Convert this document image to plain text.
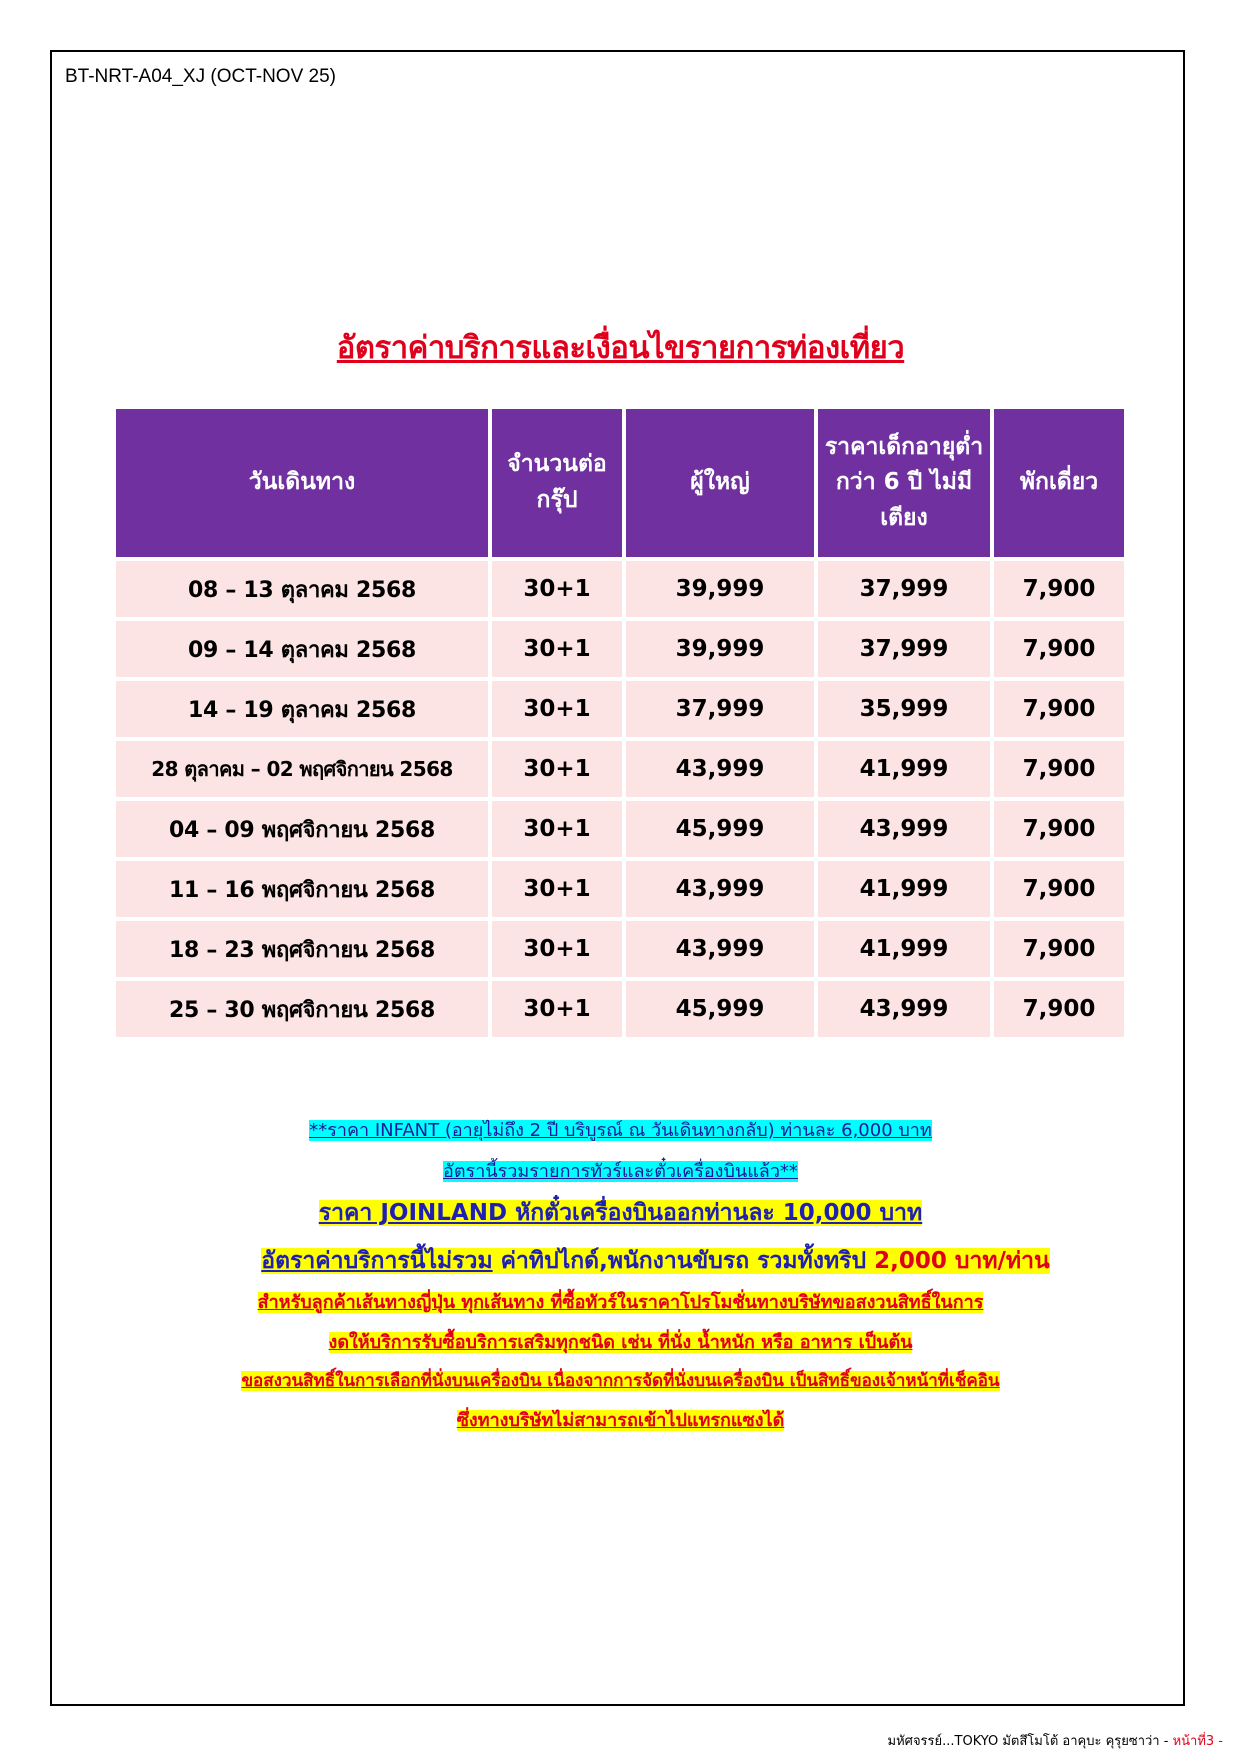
BT-NRT-A04_XJ (OCT-NOV 25)
อัตราค่าบริการและเงื่อนไขรายการท่องเที่ยว
วันเดินทาง	จำนวนต่อกรุ๊ป	ผู้ใหญ่	ราคาเด็กอายุต่ำกว่า 6 ปี ไม่มีเตียง	พักเดี่ยว
08 – 13 ตุลาคม 2568	30+1	39,999	37,999	7,900
09 – 14 ตุลาคม 2568	30+1	39,999	37,999	7,900
14 – 19 ตุลาคม 2568	30+1	37,999	35,999	7,900
28 ตุลาคม – 02 พฤศจิกายน 2568	30+1	43,999	41,999	7,900
04 – 09 พฤศจิกายน 2568	30+1	45,999	43,999	7,900
11 – 16 พฤศจิกายน 2568	30+1	43,999	41,999	7,900
18 – 23 พฤศจิกายน 2568	30+1	43,999	41,999	7,900
25 – 30 พฤศจิกายน 2568	30+1	45,999	43,999	7,900
**ราคา INFANT (อายุไม่ถึง 2 ปี บริบูรณ์ ณ วันเดินทางกลับ) ท่านละ 6,000 บาท
อัตรานี้รวมรายการทัวร์และตั๋วเครื่องบินแล้ว**
ราคา JOINLAND หักตั๋วเครื่องบินออกท่านละ 10,000 บาท
อัตราค่าบริการนี้ไม่รวม ค่าทิปไกด์,พนักงานขับรถ รวมทั้งทริป 2,000 บาท/ท่าน
สำหรับลูกค้าเส้นทางญี่ปุ่น ทุกเส้นทาง ที่ซื้อทัวร์ในราคาโปรโมชั่นทางบริษัทขอสงวนสิทธิ์ในการ
งดให้บริการรับซื้อบริการเสริมทุกชนิด เช่น ที่นั่ง น้ำหนัก หรือ อาหาร เป็นต้น
ขอสงวนสิทธิ์ในการเลือกที่นั่งบนเครื่องบิน เนื่องจากการจัดที่นั่งบนเครื่องบิน เป็นสิทธิ์ของเจ้าหน้าที่เช็คอิน
ซึ่งทางบริษัทไม่สามารถเข้าไปแทรกแซงได้
มหัศจรรย์...TOKYO มัตสึโมโต้ อาคุบะ คุรุยซาว่า - หน้าที่3 -
